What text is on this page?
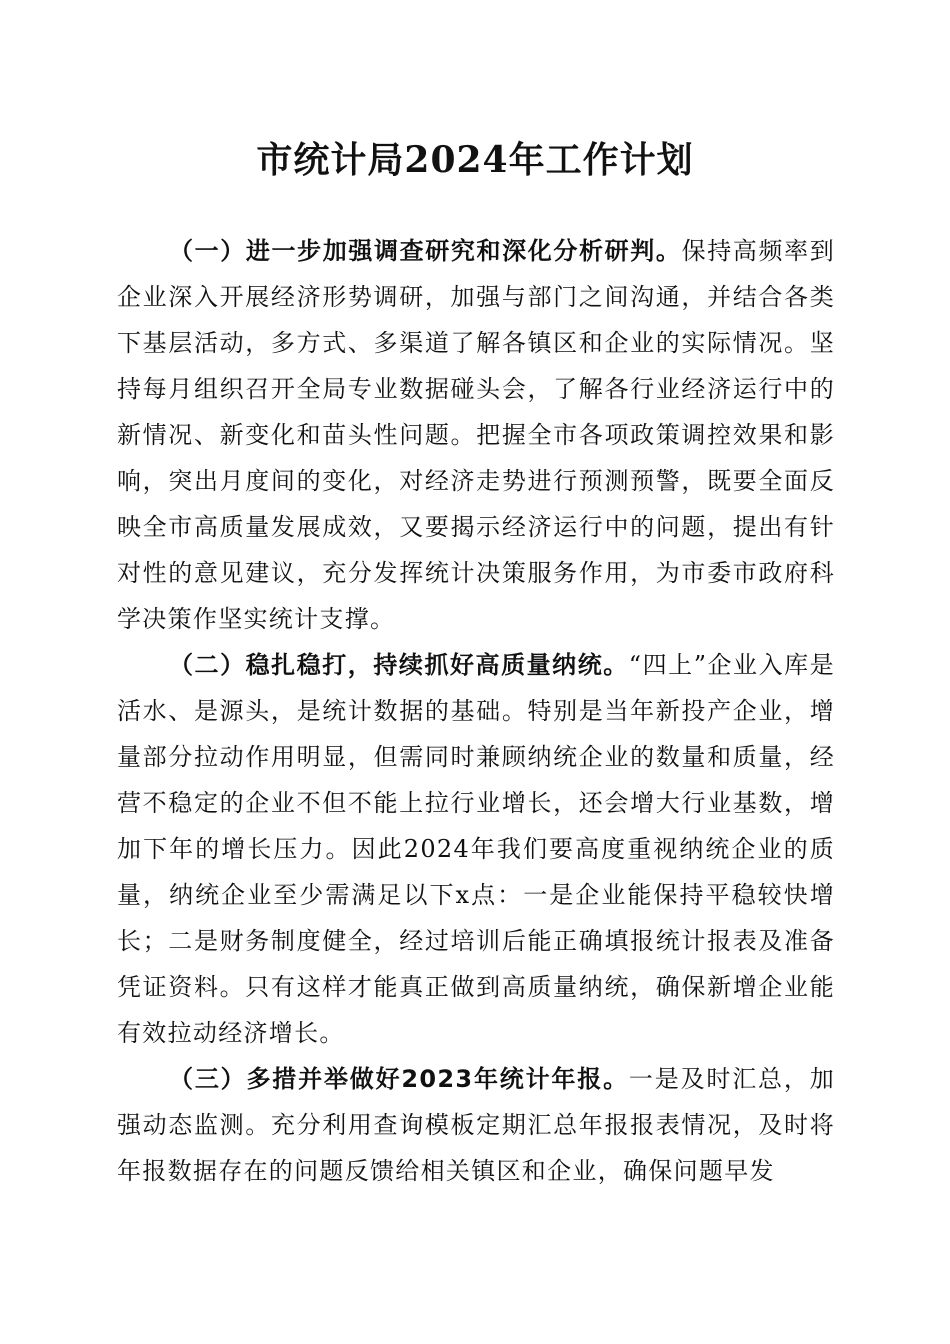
市统计局2024年工作计划

（一）进一步加强调查研究和深化分析研判。保持高频率到企业深入开展经济形势调研，加强与部门之间沟通，并结合各类下基层活动，多方式、多渠道了解各镇区和企业的实际情况。坚持每月组织召开全局专业数据碰头会，了解各行业经济运行中的新情况、新变化和苗头性问题。把握全市各项政策调控效果和影响，突出月度间的变化，对经济走势进行预测预警，既要全面反映全市高质量发展成效，又要揭示经济运行中的问题，提出有针对性的意见建议，充分发挥统计决策服务作用，为市委市政府科学决策作坚实统计支撑。

（二）稳扎稳打，持续抓好高质量纳统。“四上”企业入库是活水、是源头，是统计数据的基础。特别是当年新投产企业，增量部分拉动作用明显，但需同时兼顾纳统企业的数量和质量，经营不稳定的企业不但不能上拉行业增长，还会增大行业基数，增加下年的增长压力。因此2024年我们要高度重视纳统企业的质量，纳统企业至少需满足以下x点：一是企业能保持平稳较快增长；二是财务制度健全，经过培训后能正确填报统计报表及准备凭证资料。只有这样才能真正做到高质量纳统，确保新增企业能有效拉动经济增长。

（三）多措并举做好2023年统计年报。一是及时汇总，加强动态监测。充分利用查询模板定期汇总年报报表情况，及时将年报数据存在的问题反馈给相关镇区和企业，确保问题早发
